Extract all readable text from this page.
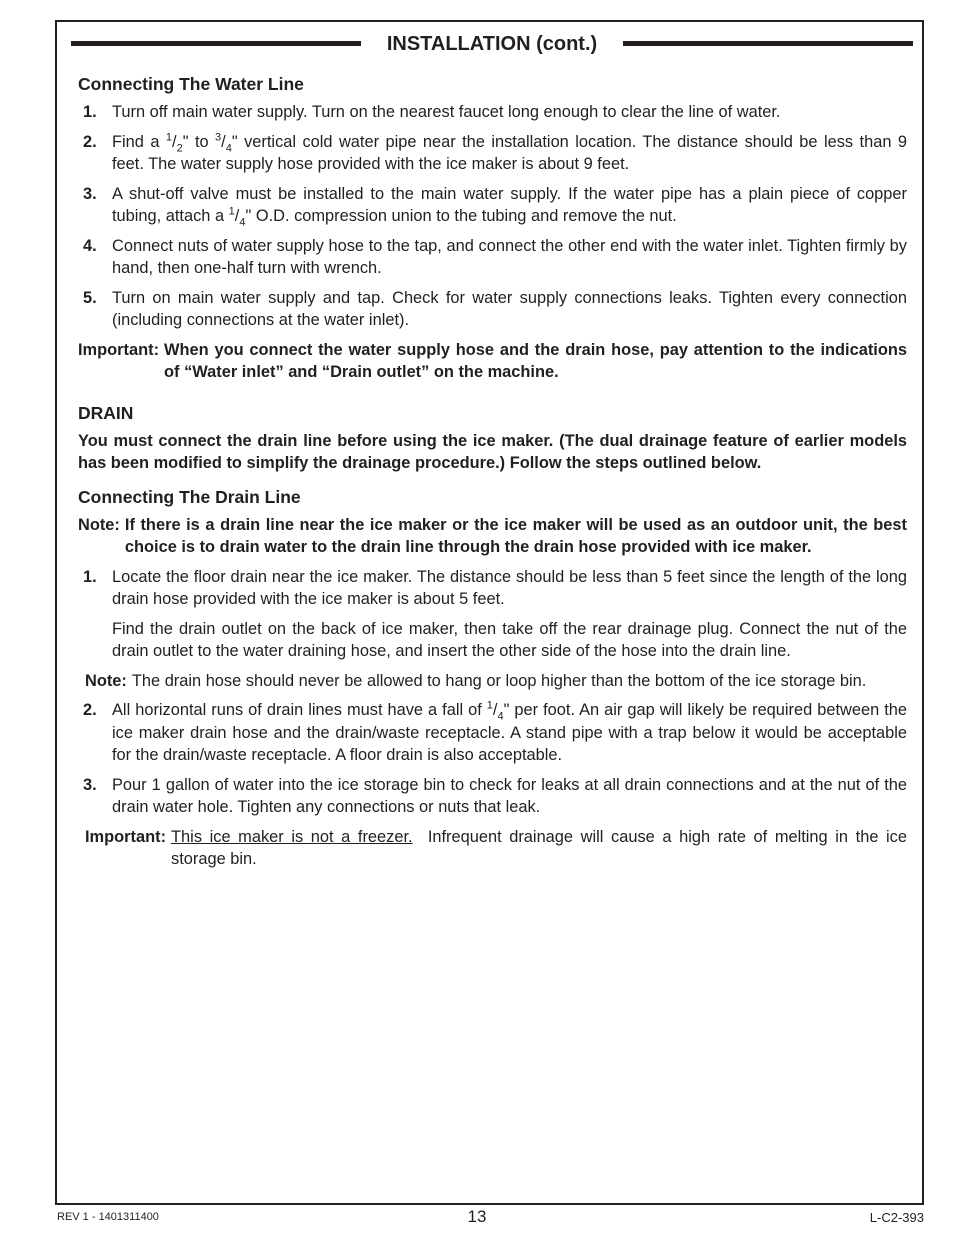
INSTALLATION (cont.)
Connecting The Water Line
1. Turn off main water supply. Turn on the nearest faucet long enough to clear the line of water.
2. Find a $^1/_2$" to $^3/_4$" vertical cold water pipe near the installation location. The distance should be less than 9 feet. The water supply hose provided with the ice maker is about 9 feet.
3. A shut-off valve must be installed to the main water supply. If the water pipe has a plain piece of copper tubing, attach a $^1/_4$" O.D. compression union to the tubing and remove the nut.
4. Connect nuts of water supply hose to the tap, and connect the other end with the water inlet. Tighten firmly by hand, then one-half turn with wrench.
5. Turn on main water supply and tap. Check for water supply connections leaks. Tighten every connection (including connections at the water inlet).
Important: When you connect the water supply hose and the drain hose, pay attention to the indications of “Water inlet” and “Drain outlet” on the machine.
DRAIN
You must connect the drain line before using the ice maker. (The dual drainage feature of earlier models has been modified to simplify the drainage procedure.) Follow the steps outlined below.
Connecting The Drain Line
Note: If there is a drain line near the ice maker or the ice maker will be used as an outdoor unit, the best choice is to drain water to the drain line through the drain hose provided with ice maker.
1. Locate the floor drain near the ice maker. The distance should be less than 5 feet since the length of the long drain hose provided with the ice maker is about 5 feet.
Find the drain outlet on the back of ice maker, then take off the rear drainage plug. Connect the nut of the drain outlet to the water draining hose, and insert the other side of the hose into the drain line.
Note: The drain hose should never be allowed to hang or loop higher than the bottom of the ice storage bin.
2. All horizontal runs of drain lines must have a fall of $^1/_4$" per foot. An air gap will likely be required between the ice maker drain hose and the drain/waste receptacle. A stand pipe with a trap below it would be acceptable for the drain/waste receptacle. A floor drain is also acceptable.
3. Pour 1 gallon of water into the ice storage bin to check for leaks at all drain connections and at the nut of the drain water hole. Tighten any connections or nuts that leak.
Important: This ice maker is not a freezer. Infrequent drainage will cause a high rate of melting in the ice storage bin.
REV 1 - 1401311400	13	L-C2-393
